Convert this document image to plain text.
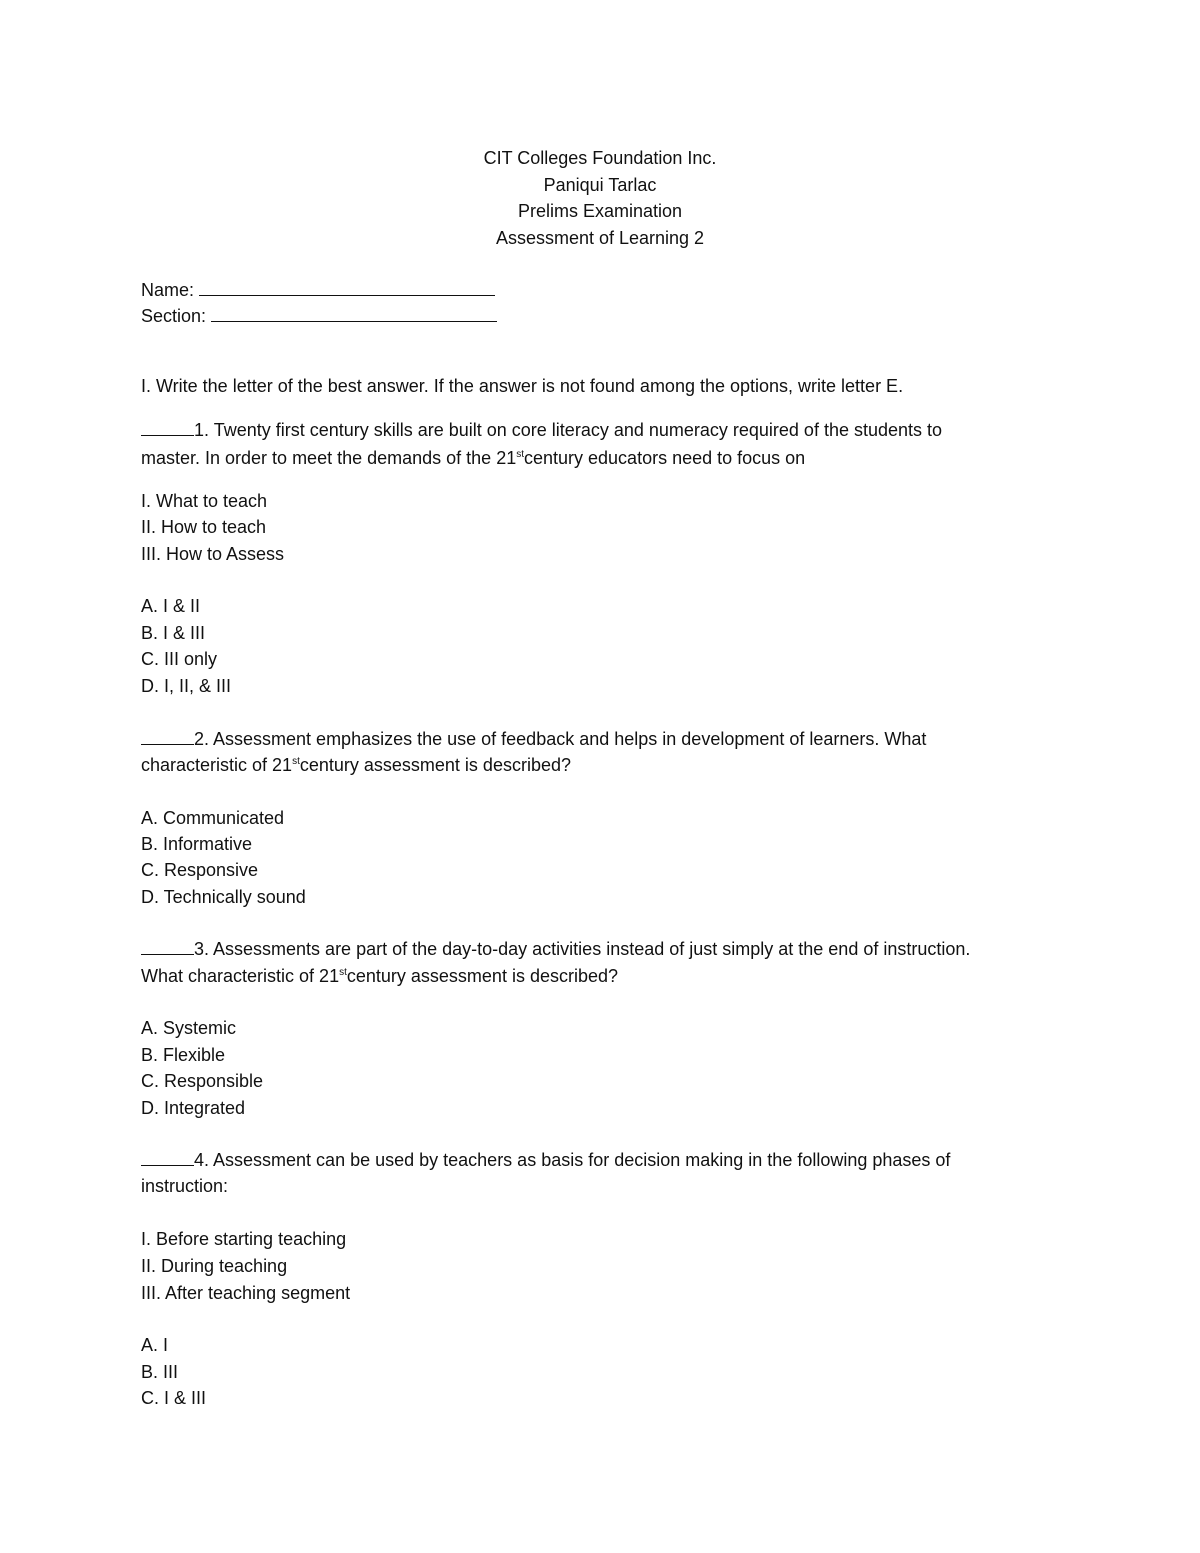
CIT Colleges Foundation Inc.
Paniqui Tarlac
Prelims Examination
Assessment of Learning 2
Name:
Section:
I. Write the letter of the best answer. If the answer is not found among the options, write letter E.
1. Twenty first century skills are built on core literacy and numeracy required of the students to
master. In order to meet the demands of the 21stcentury educators need to focus on
I. What to teach
II. How to teach
III. How to Assess
A. I & II
B. I & III
C. III only
D. I, II, & III
2. Assessment emphasizes the use of feedback and helps in development of learners. What
characteristic of 21stcentury assessment is described?
A. Communicated
B. Informative
C. Responsive
D. Technically sound
3. Assessments are part of the day-to-day activities instead of just simply at the end of instruction.
What characteristic of 21stcentury assessment is described?
A. Systemic
B. Flexible
C. Responsible
D. Integrated
4. Assessment can be used by teachers as basis for decision making in the following phases of
instruction:
I. Before starting teaching
II. During teaching
III. After teaching segment
A. I
B. III
C. I & III
